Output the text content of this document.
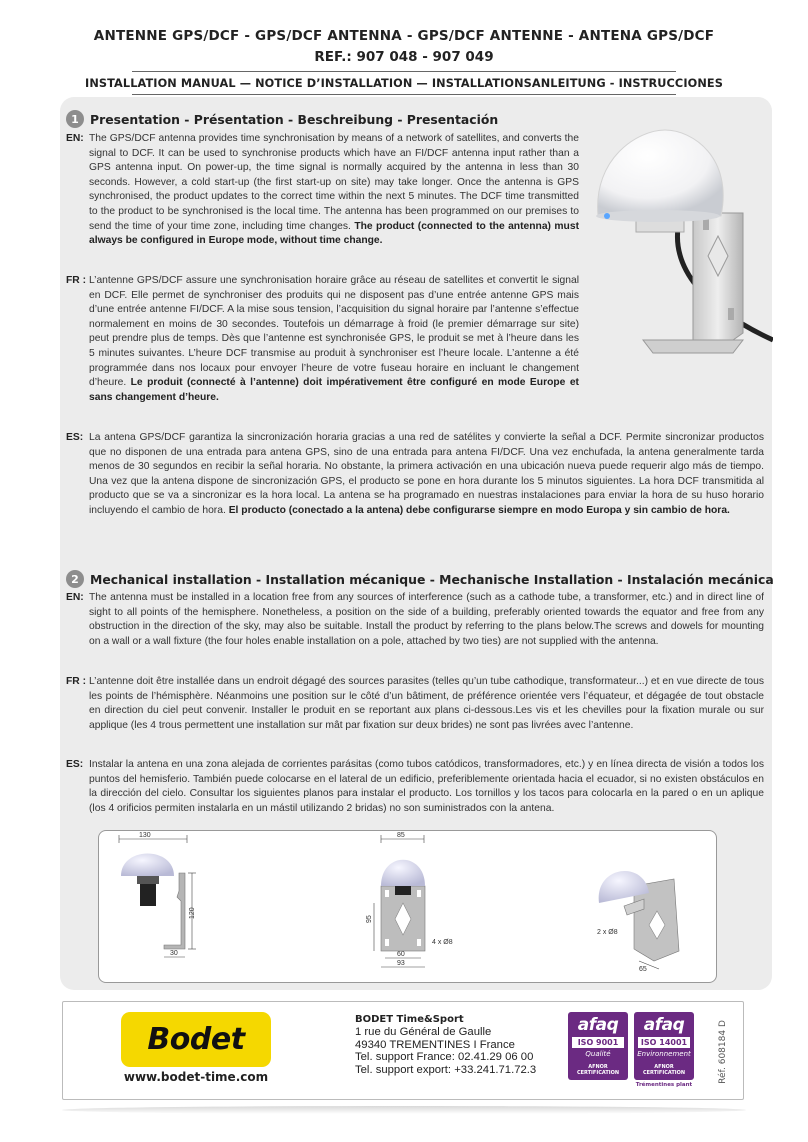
ANTENNE GPS/DCF - GPS/DCF ANTENNA - GPS/DCF ANTENNE - ANTENA GPS/DCF
REF.: 907 048 - 907 049
INSTALLATION MANUAL — NOTICE D’INSTALLATION — INSTALLATIONSANLEITUNG - INSTRUCCIONES
1 Presentation - Présentation - Beschreibung - Presentación

EN: The GPS/DCF antenna provides time synchronisation by means of a network of satellites, and converts the signal to DCF. It can be used to synchronise products which have an FI/DCF antenna input rather than a GPS antenna input. On power-up, the time signal is normally acquired by the antenna in less than 30 seconds. However, a cold start-up (the first start-up on site) may take longer. Once the antenna is GPS synchronised, the product updates to the correct time within the next 5 minutes. The DCF time transmitted to the product to be synchronised is the local time. The antenna has been programmed on our premises to send the time of your time zone, including time changes. The product (connected to the antenna) must always be configured in Europe mode, without time change.

FR : L’antenne GPS/DCF assure une synchronisation horaire grâce au réseau de satellites et convertit le signal en DCF. Elle permet de synchroniser des produits qui ne disposent pas d’une entrée antenne GPS mais d’une entrée antenne FI/DCF. A la mise sous tension, l’acquisition du signal horaire par l’antenne s’effectue normalement en moins de 30 secondes. Toutefois un démarrage à froid (le premier démarrage sur site) peut prendre plus de temps. Dès que l’antenne est synchronisée GPS, le produit se met à l’heure dans les 5 minutes suivantes. L’heure DCF transmise au produit à synchroniser est l’heure locale. L’antenne a été programmée dans nos locaux pour envoyer l’heure de votre fuseau horaire en incluant le changement d’heure. Le produit (connecté à l’antenne) doit impérativement être configuré en mode Europe et sans changement d’heure.

ES: La antena GPS/DCF garantiza la sincronización horaria gracias a una red de satélites y convierte la señal a DCF. Permite sincronizar productos que no disponen de una entrada para antena GPS, sino de una entrada para antena FI/DCF. Una vez enchufada, la antena generalmente tarda menos de 30 segundos en recibir la señal horaria. No obstante, la primera activación en una ubicación nueva puede requerir algo más de tiempo. Una vez que la antena dispone de sincronización GPS, el producto se pone en hora durante los 5 minutos siguientes. La hora DCF transmitida al producto que se va a sincronizar es la hora local. La antena se ha programado en nuestras instalaciones para enviar la hora de su huso horario incluyendo el cambio de hora. El producto (conectado a la antena) debe configurarse siempre en modo Europa y sin cambio de hora.

2 Mechanical installation - Installation mécanique - Mechanische Installation - Instalación mecánica

EN: The antenna must be installed in a location free from any sources of interference (such as a cathode tube, a transformer, etc.) and in direct line of sight to all points of the hemisphere. Nonetheless, a position on the side of a building, preferably oriented towards the equator and free from any obstruction in the direction of the sky, may also be suitable. Install the product by referring to the plans below.The screws and dowels for mounting on a wall or a wall fixture (the four holes enable installation on a pole, attached by two ties) are not supplied with the antenna.

FR : L’antenne doit être installée dans un endroit dégagé des sources parasites (telles qu’un tube cathodique, transformateur...) et en vue directe de tous les points de l’hémisphère. Néanmoins une position sur le côté d’un bâtiment, de préférence orientée vers l’équateur, et dégagée de tout obstacle en direction du ciel peut convenir. Installer le produit en se reportant aux plans ci-dessous.Les vis et les chevilles pour la fixation murale ou sur applique (les 4 trous permettent une installation sur mât par fixation sur deux brides) ne sont pas livrées avec l’antenne.

ES: Instalar la antena en una zona alejada de corrientes parásitas (como tubos catódicos, transformadores, etc.) y en línea directa de visión a todos los puntos del hemisferio. También puede colocarse en el lateral de un edificio, preferiblemente orientada hacia el ecuador, si no existen obstáculos en la dirección del cielo. Consultar los siguientes planos para instalar el producto. Los tornillos y los tacos para colocarla en la pared o en un aplique (los 4 orificios permiten instalarla en un mástil utilizando 2 bridas) no son suministrados con la antena.

130
120
30
85
95
60
93
4 x Ø8
2 x Ø8
65
Bodet
www.bodet-time.com
BODET Time&Sport
1 rue du Général de Gaulle
49340 TREMENTINES I France
Tel. support France: 02.41.29 06 00
Tel. support export: +33.241.71.72.3
afaq
ISO 9001
Qualité
AFNOR CERTIFICATION
afaq
ISO 14001
Environnement
AFNOR CERTIFICATION
Trémentines plant
Réf. 608184 D
